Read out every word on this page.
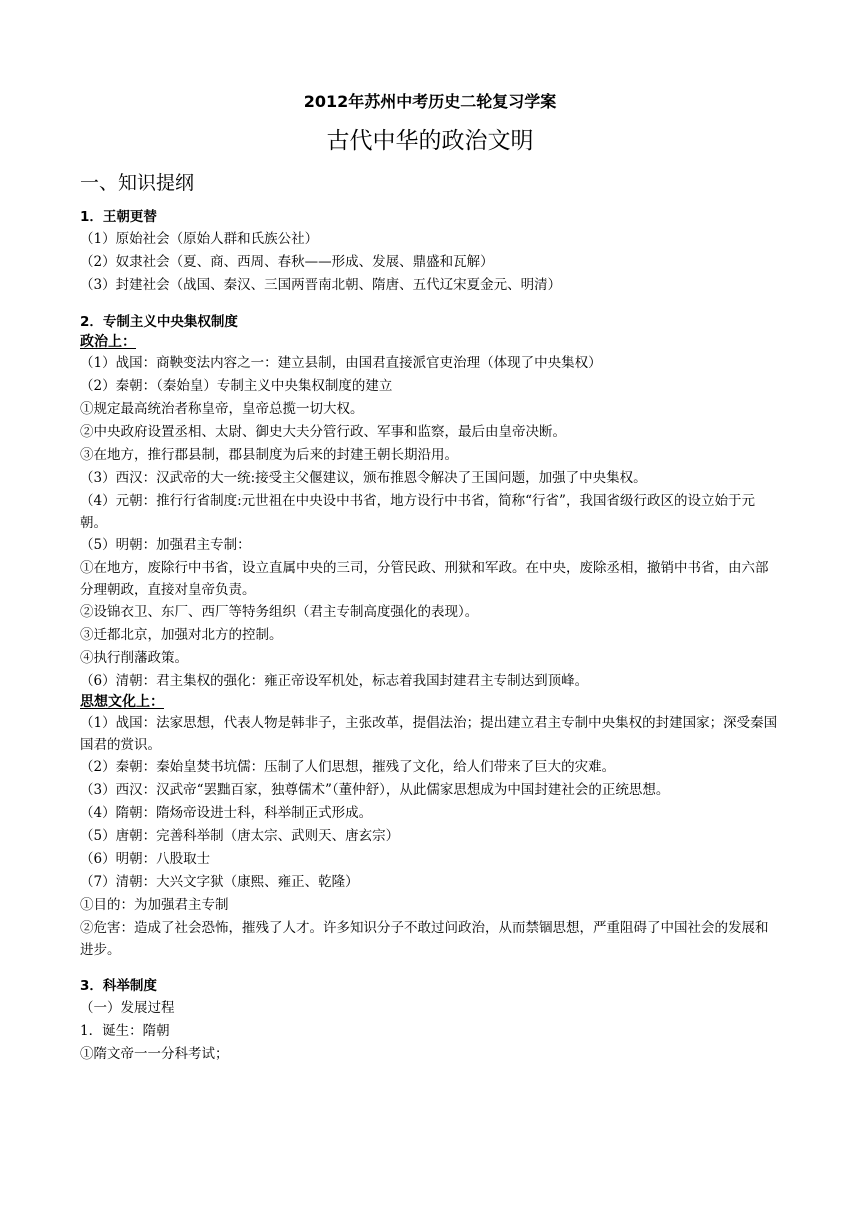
2012年苏州中考历史二轮复习学案
古代中华的政治文明
一、知识提纲
1．王朝更替
（1）原始社会（原始人群和氏族公社）
（2）奴隶社会（夏、商、西周、春秋——形成、发展、鼎盛和瓦解）
（3）封建社会（战国、秦汉、三国两晋南北朝、隋唐、五代辽宋夏金元、明清）
2．专制主义中央集权制度
政治上：
（1）战国：商鞅变法内容之一：建立县制，由国君直接派官吏治理（体现了中央集权）
（2）秦朝：（秦始皇）专制主义中央集权制度的建立
①规定最高统治者称皇帝，皇帝总揽一切大权。
②中央政府设置丞相、太尉、御史大夫分管行政、军事和监察，最后由皇帝决断。
③在地方，推行郡县制，郡县制度为后来的封建王朝长期沿用。
（3）西汉：汉武帝的大一统:接受主父偃建议，颁布推恩令解决了王国问题，加强了中央集权。
（4）元朝：推行行省制度:元世祖在中央设中书省，地方设行中书省，简称“行省”，我国省级行政区的设立始于元朝。
（5）明朝：加强君主专制：
①在地方，废除行中书省，设立直属中央的三司，分管民政、刑狱和军政。在中央，废除丞相，撤销中书省，由六部分理朝政，直接对皇帝负责。
②设锦衣卫、东厂、西厂等特务组织（君主专制高度强化的表现）。
③迁都北京，加强对北方的控制。
④执行削藩政策。
（6）清朝：君主集权的强化：雍正帝设军机处，标志着我国封建君主专制达到顶峰。
思想文化上：
（1）战国：法家思想，代表人物是韩非子，主张改革，提倡法治；提出建立君主专制中央集权的封建国家；深受秦国国君的赏识。
（2）秦朝：秦始皇焚书坑儒：压制了人们思想，摧残了文化，给人们带来了巨大的灾难。
（3）西汉：汉武帝“罢黜百家，独尊儒术”（董仲舒），从此儒家思想成为中国封建社会的正统思想。
（4）隋朝：隋炀帝设进士科，科举制正式形成。
（5）唐朝：完善科举制（唐太宗、武则天、唐玄宗）
（6）明朝：八股取士
（7）清朝：大兴文字狱（康熙、雍正、乾隆）
①目的：为加强君主专制
②危害：造成了社会恐怖，摧残了人才。许多知识分子不敢过问政治，从而禁锢思想，严重阻碍了中国社会的发展和进步。
3．科举制度
（一）发展过程
1．诞生：隋朝
①隋文帝一一分科考试；
